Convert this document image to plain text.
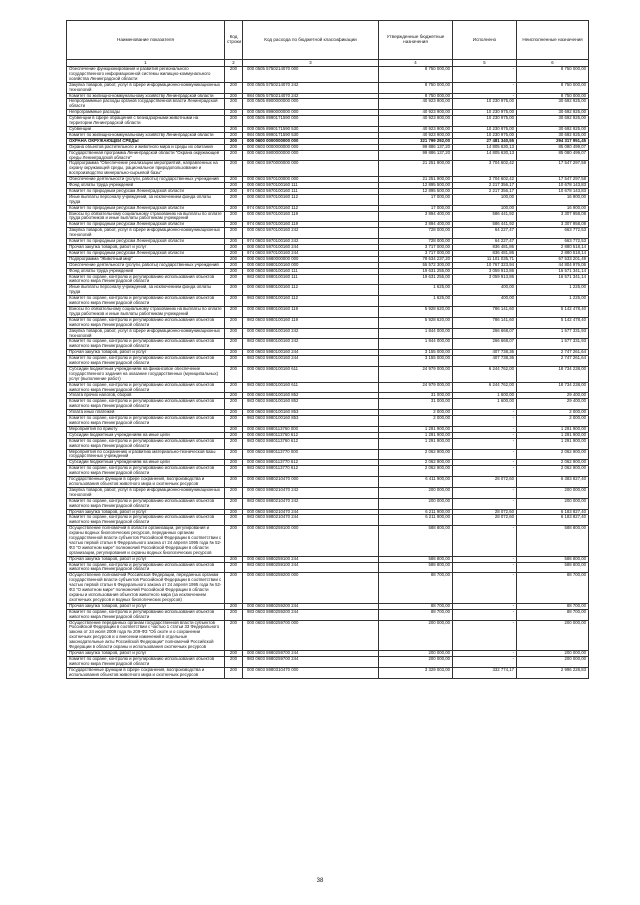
Наименование показателя	Код строки	Код расхода по бюджетной классификации	Утвержденные бюджетные назначения	Исполнено	Неисполненные назначения
1	2	3	4	5	6
Обеспечение функционирования и развития регионального государственного информационной системы жилищно-коммунального хозяйства Ленинградской области	200	000 0505 5750214070 000	8 750 000,00	-	8 750 000,00
Закупка товаров, работ, услуг в сфере информационно-коммуникационных технологий	200	000 0505 5750214070 242	8 750 000,00	-	8 750 000,00
Комитет по жилищно-коммунальному хозяйству Ленинградской области	200	984 0505 5750214070 242	8 750 000,00	-	8 750 000,00
Непрограммные расходы органов государственной власти Ленинградской области	200	000 0505 8900000000 000	40 923 900,00	10 230 975,00	30 692 925,00
Непрограммные расходы	200	000 0505 8990000000 000	40 923 900,00	10 230 975,00	30 692 925,00
Субвенции в сфере обращения с безнадзорными животными на территории Ленинградской области	200	000 0505 8990171590 000	40 923 900,00	10 230 975,00	30 692 925,00
Субвенции	200	000 0505 8990171590 530	40 923 900,00	10 230 975,00	30 692 925,00
Комитет по жилищно-коммунальному хозяйству Ленинградской области	200	984 0505 8990171590 530	40 923 900,00	10 230 975,00	30 692 925,00
ОХРАНА ОКРУЖАЮЩЕЙ СРЕДЫ	200	000 0600 0000000000 000	321 799 292,00	27 481 340,55	294 317 951,45
Охрана объектов растительного и животного мира и среды их обитания	200	000 0603 0000000000 000	99 886 137,20	14 805 630,13	85 080 499,07
Государственная программа Ленинградской области "Охрана окружающей среды Ленинградской области"	200	000 0603 5900000000 000	99 886 137,20	14 805 630,13	85 080 499,07
Подпрограмма "Обеспечение реализации мероприятий, направленных на охрану окружающей среды, рациональное природопользование и воспроизводство минерально-сырьевой базы"	200	000 0603 5970000000 000	21 251 900,00	3 704 602,42	17 547 297,58
Обеспечение деятельности (услуги, работы) государственных учреждений	200	000 0603 5970100000 000	21 251 900,00	3 704 602,42	17 547 297,58
Фонд оплаты труда учреждений	200	000 0603 5970100160 111	12 895 500,00	2 217 356,17	10 678 143,83
Комитет по природным ресурсам Ленинградской области	200	974 0603 5970100160 111	12 895 500,00	2 217 356,17	10 678 143,83
Иные выплаты персоналу учреждений, за исключением фонда оплаты труда	200	000 0603 5970100160 112	17 000,00	100,00	16 900,00
Комитет по природным ресурсам Ленинградской области	200	974 0603 5970100160 112	17 000,00	100,00	16 900,00
Взносы по обязательному социальному страхованию на выплаты по оплате труда работников и иные выплаты работникам учреждений	200	000 0603 5970100160 119	3 894 400,00	586 441,92	3 307 958,08
Комитет по природным ресурсам Ленинградской области	200	974 0603 5970100160 119	3 894 400,00	586 441,92	3 307 958,08
Закупка товаров, работ, услуг в сфере информационно-коммуникационных технологий	200	000 0603 5970100160 242	728 000,00	64 227,47	663 772,53
Комитет по природным ресурсам Ленинградской области	200	974 0603 5970100160 242	728 000,00	64 227,47	663 772,53
Прочая закупка товаров, работ и услуг	200	000 0603 5970100160 244	3 717 000,00	836 481,86	2 880 518,14
Комитет по природным ресурсам Ленинградской области	200	974 0603 5970100160 244	3 717 000,00	836 481,86	2 880 518,14
Подпрограмма "Животный мир"	200	000 0603 5980000000 000	78 634 237,20	11 101 035,71	67 533 201,49
Обеспечение деятельности (услуги, работы) государственных учреждений	200	000 0603 5980100160 000	55 572 300,00	10 767 323,94	44 804 976,06
Фонд оплаты труда учреждений	200	000 0603 5980100160 111	19 631 255,00	3 059 913,86	16 571 341,14
Комитет по охране, контролю и регулированию использования объектов животного мира Ленинградской области	200	983 0603 5980100160 111	19 631 255,00	3 059 913,86	16 571 341,14
Иные выплаты персоналу учреждений, за исключением фонда оплаты труда	200	000 0603 5980100160 112	1 625,00	400,00	1 225,00
Комитет по охране, контролю и регулированию использования объектов животного мира Ленинградской области	200	983 0603 5980100160 112	1 625,00	400,00	1 225,00
Взносы по обязательному социальному страхованию на выплаты по оплате труда работников и иные выплаты работникам учреждений	200	000 0603 5980100160 119	5 928 620,00	786 141,60	5 142 478,40
Комитет по охране, контролю и регулированию использования объектов животного мира Ленинградской области	200	983 0603 5980100160 119	5 928 620,00	786 141,60	5 142 478,40
Закупка товаров, работ, услуг в сфере информационно-коммуникационных технологий	200	000 0603 5980100160 242	1 844 000,00	266 668,07	1 577 331,93
Комитет по охране, контролю и регулированию использования объектов животного мира Ленинградской области	200	983 0603 5980100160 242	1 844 000,00	266 668,07	1 577 331,93
Прочая закупка товаров, работ и услуг	200	000 0603 5980100160 244	3 155 000,00	407 738,36	2 747 261,64
Комитет по охране, контролю и регулированию использования объектов животного мира Ленинградской области	200	983 0603 5980100160 244	3 155 000,00	407 738,36	2 747 261,64
Субсидии бюджетным учреждениям на финансовое обеспечение государственного задания на оказание государственных (муниципальных) услуг (выполнение работ)	200	000 0603 5980100160 611	24 979 000,00	6 244 762,00	18 734 238,00
Комитет по охране, контролю и регулированию использования объектов животного мира Ленинградской области	200	983 0603 5980100160 611	24 979 000,00	6 244 762,00	18 734 238,00
Уплата прочих налогов, сборов	200	000 0603 5980100160 852	31 000,00	1 600,00	29 400,00
Комитет по охране, контролю и регулированию использования объектов животного мира Ленинградской области	200	983 0603 5980100160 852	31 000,00	1 600,00	29 400,00
Уплата иных платежей	200	000 0603 5980100160 853	2 000,00	-	2 000,00
Комитет по охране, контролю и регулированию использования объектов животного мира Ленинградской области	200	983 0603 5980100160 853	2 000,00	-	2 000,00
Мероприятия по приюту	200	000 0603 5980113760 000	1 291 900,00	-	1 291 900,00
Субсидии бюджетным учреждениям на иные цели	200	000 0603 5980113760 612	1 291 900,00	-	1 291 900,00
Комитет по охране, контролю и регулированию использования объектов животного мира Ленинградской области	200	983 0603 5980113760 612	1 291 900,00	-	1 291 900,00
Мероприятия по сохранению и развитию материально-технической базы государственных учреждений	200	000 0603 5980113770 000	2 062 900,00	-	2 062 900,00
Субсидии бюджетным учреждениям на иные цели	200	000 0603 5980113770 612	2 062 900,00	-	2 062 900,00
Комитет по охране, контролю и регулированию использования объектов животного мира Ленинградской области	200	983 0603 5980113770 612	2 062 900,00	-	2 062 900,00
Государственные функции в сфере сохранения, воспроизводства и использования объектов животного мира и охотничьих ресурсов	200	000 0603 5980210470 000	6 411 900,00	28 072,60	6 383 827,40
Закупка товаров, работ, услуг в сфере информационно-коммуникационных технологий	200	000 0603 5980210470 242	200 000,00	-	200 000,00
Комитет по охране, контролю и регулированию использования объектов животного мира Ленинградской области	200	983 0603 5980210470 242	200 000,00	-	200 000,00
Прочая закупка товаров, работ и услуг	200	000 0603 5980210470 244	6 211 900,00	28 072,60	6 183 827,40
Комитет по охране, контролю и регулированию использования объектов животного мира Ленинградской области	200	983 0603 5980210470 244	6 211 900,00	28 072,60	6 183 827,40
Осуществление полномочий в области организации, регулирования и охраны водных биологических ресурсов, переданных органам государственной власти субъектов Российской Федерации в соответствии с частью первой статьи 6 Федерального закона от 24 апреля 1995 года № 52-ФЗ "О животном мире" полномочий Российской Федерации в области организации, регулирования и охраны водных биологических ресурсов	200	000 0603 5980259100 000	588 800,00	-	588 800,00
Прочая закупка товаров, работ и услуг	200	000 0603 5980259100 244	588 800,00	-	588 800,00
Комитет по охране, контролю и регулированию использования объектов животного мира Ленинградской области	200	983 0603 5980259100 244	588 800,00	-	588 800,00
Осуществление полномочий Российской Федерации, переданных органам государственной власти субъектов Российской Федерации в соответствии с частью первой статьи 6 Федерального закона от 24 апреля 1995 года № 52-ФЗ "О животном мире" полномочий Российской Федерации в области охраны и использования объектов животного мира (за исключением охотничьих ресурсов и водных биологических ресурсов)	200	000 0603 5980259200 000	88 700,00	-	88 700,00
Прочая закупка товаров, работ и услуг	200	000 0603 5980259200 244	88 700,00	-	88 700,00
Комитет по охране, контролю и регулированию использования объектов животного мира Ленинградской области	200	983 0603 5980259200 244	88 700,00	-	88 700,00
Осуществление переданных органам государственной власти субъектов Российской Федерации в соответствии с частью 1 статьи 33 Федерального закона от 24 июля 2009 года № 209-ФЗ "Об охоте и о сохранении охотничьих ресурсов и о внесении изменений в отдельные законодательные акты Российской Федерации" полномочий Российской Федерации в области охраны и использования охотничьих ресурсов	200	000 0603 5980259700 000	200 000,00	-	200 000,00
Прочая закупка товаров, работ и услуг	200	000 0603 5980259700 244	200 000,00	-	200 000,00
Комитет по охране, контролю и регулированию использования объектов животного мира Ленинградской области	200	983 0603 5980259700 244	200 000,00	-	200 000,00
Государственные функции в сфере сохранения, воспроизводства и использования объектов животного мира и охотничьих ресурсов	200	000 0603 5980310470 000	3 329 003,00	332 774,17	2 996 228,83
38
